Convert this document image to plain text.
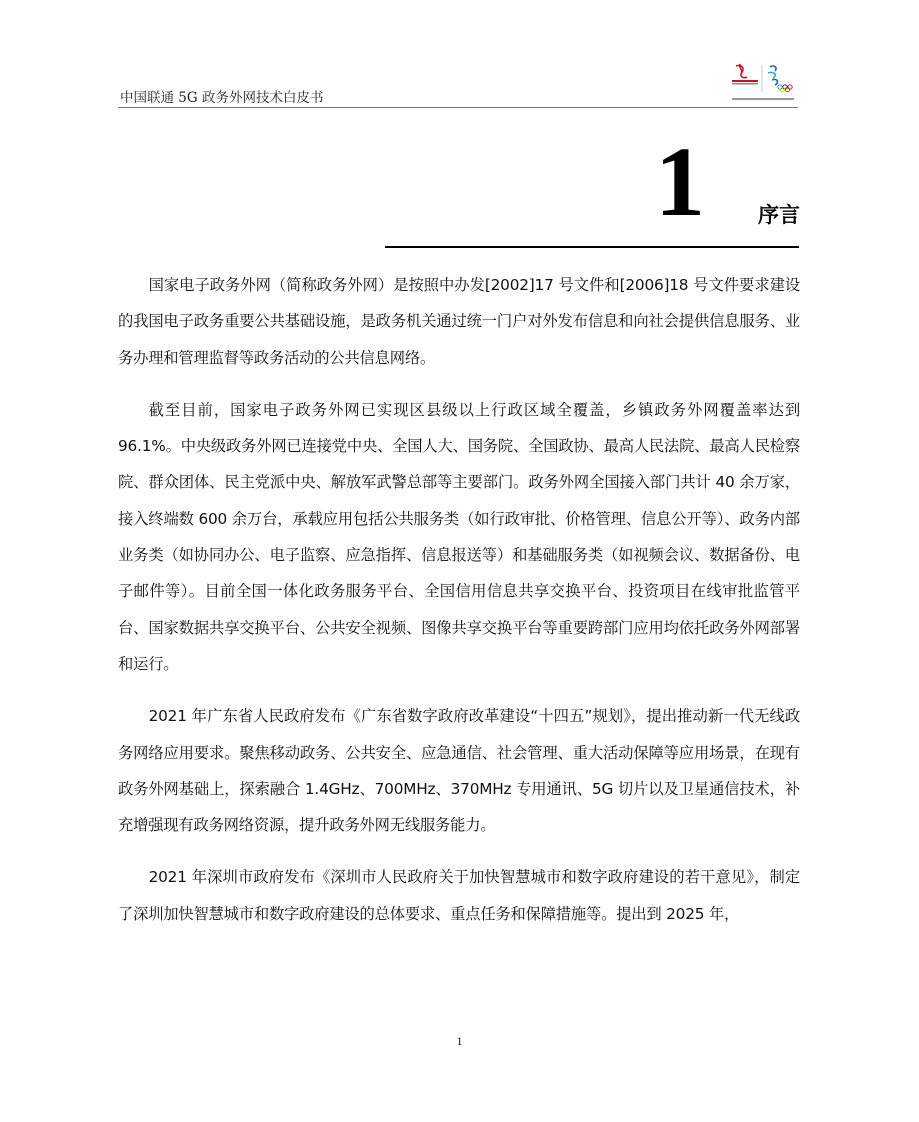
中国联通 5G 政务外网技术白皮书
1	序言

国家电子政务外网（简称政务外网）是按照中办发[2002]17 号文件和[2006]18 号文件要求建设的我国电子政务重要公共基础设施，是政务机关通过统一门户对外发布信息和向社会提供信息服务、业务办理和管理监督等政务活动的公共信息网络。

截至目前，国家电子政务外网已实现区县级以上行政区域全覆盖，乡镇政务外网覆盖率达到 96.1%。中央级政务外网已连接党中央、全国人大、国务院、全国政协、最高人民法院、最高人民检察院、群众团体、民主党派中央、解放军武警总部等主要部门。政务外网全国接入部门共计 40 余万家，接入终端数 600 余万台，承载应用包括公共服务类（如行政审批、价格管理、信息公开等）、政务内部业务类（如协同办公、电子监察、应急指挥、信息报送等）和基础服务类（如视频会议、数据备份、电子邮件等）。目前全国一体化政务服务平台、全国信用信息共享交换平台、投资项目在线审批监管平台、国家数据共享交换平台、公共安全视频、图像共享交换平台等重要跨部门应用均依托政务外网部署和运行。

2021 年广东省人民政府发布《广东省数字政府改革建设“十四五”规划》，提出推动新一代无线政务网络应用要求。聚焦移动政务、公共安全、应急通信、社会管理、重大活动保障等应用场景，在现有政务外网基础上，探索融合 1.4GHz、700MHz、370MHz 专用通讯、5G 切片以及卫星通信技术，补充增强现有政务网络资源，提升政务外网无线服务能力。

2021 年深圳市政府发布《深圳市人民政府关于加快智慧城市和数字政府建设的若干意见》，制定了深圳加快智慧城市和数字政府建设的总体要求、重点任务和保障措施等。提出到 2025 年，

1
